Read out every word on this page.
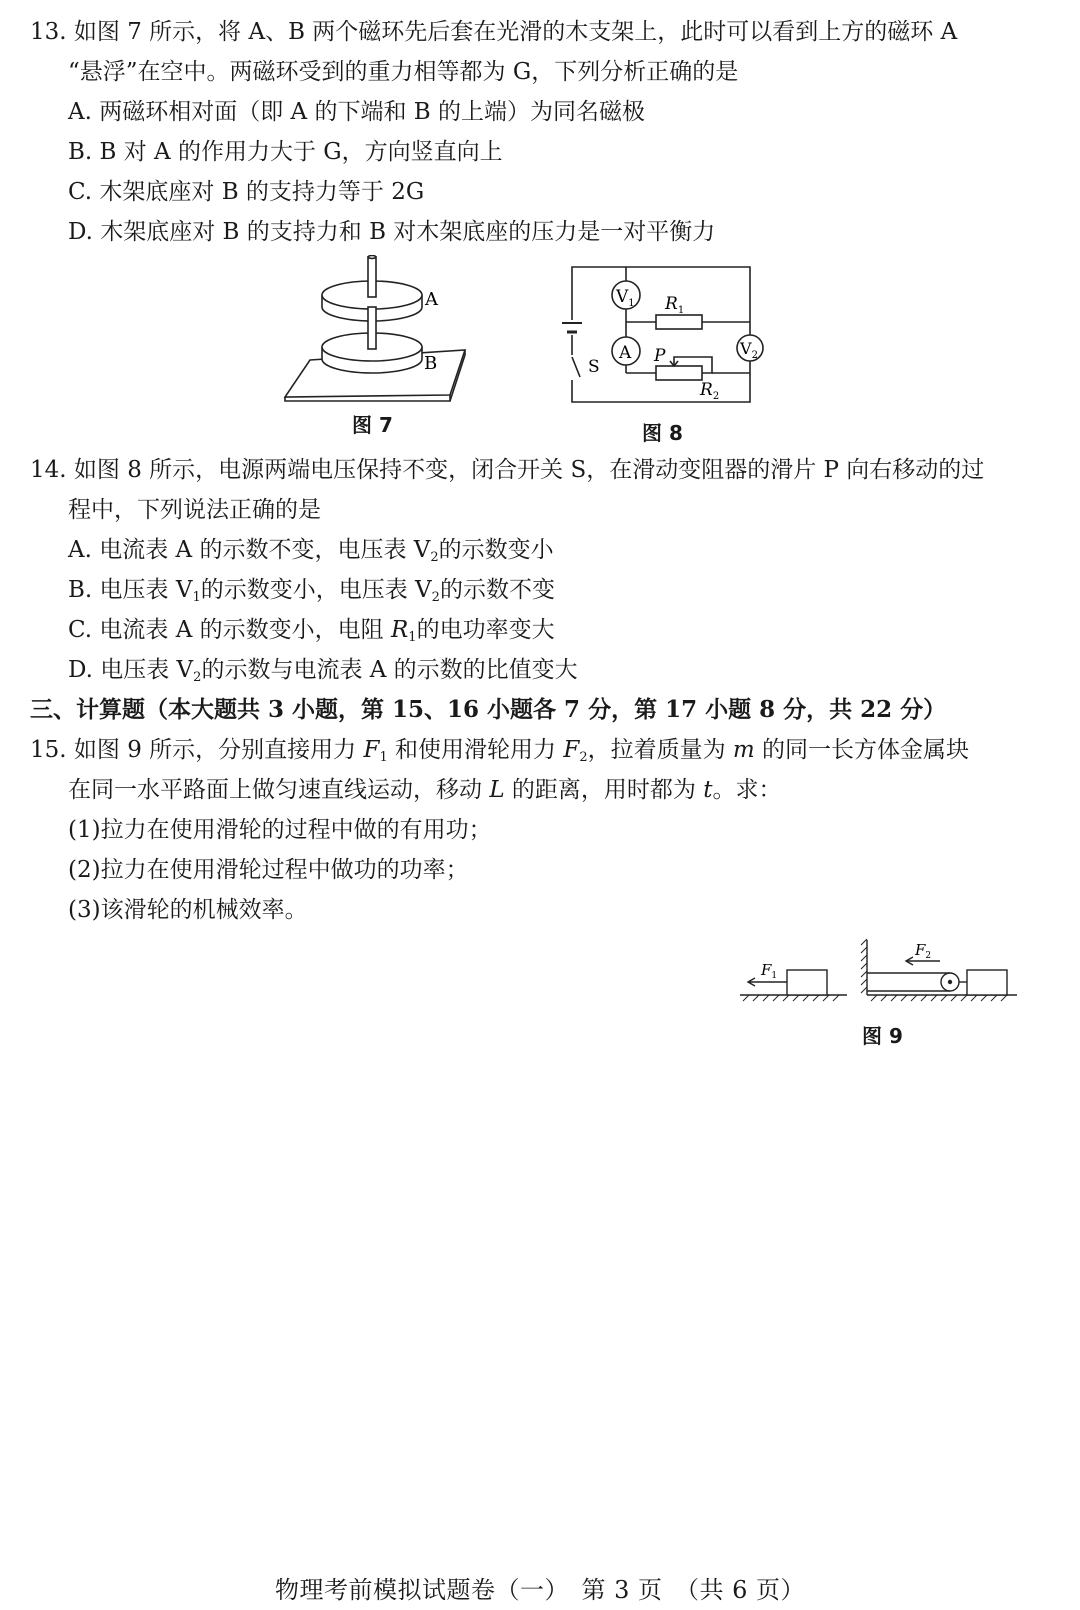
13. 如图 7 所示，将 A、B 两个磁环先后套在光滑的木支架上，此时可以看到上方的磁环 A
“悬浮”在空中。两磁环受到的重力相等都为 G，下列分析正确的是
A. 两磁环相对面（即 A 的下端和 B 的上端）为同名磁极
B. B 对 A 的作用力大于 G，方向竖直向上
C. 木架底座对 B 的支持力等于 2G
D. 木架底座对 B 的支持力和 B 对木架底座的压力是一对平衡力
A
B
图 7
$V_1$
A	$V_2$
$R_1$
$R_2$
P
S
图 8
14. 如图 8 所示，电源两端电压保持不变，闭合开关 S，在滑动变阻器的滑片 P 向右移动的过
程中，下列说法正确的是
A. 电流表 A 的示数不变，电压表 $V_2$的示数变小
B. 电压表 $V_1$的示数变小，电压表 $V_2$的示数不变
C. 电流表 A 的示数变小，电阻 $R_1$的电功率变大
D. 电压表 $V_2$的示数与电流表 A 的示数的比值变大
三、计算题（本大题共 3 小题，第 15、16 小题各 7 分，第 17 小题 8 分，共 22 分）
15. 如图 9 所示，分别直接用力 $F_1$ 和使用滑轮用力 $F_2$，拉着质量为 m 的同一长方体金属块
在同一水平路面上做匀速直线运动，移动 L 的距离，用时都为 t。求：
(1)拉力在使用滑轮的过程中做的有用功；
(2)拉力在使用滑轮过程中做功的功率；
(3)该滑轮的机械效率。
$F_1$
$F_2$
图 9
物理考前模拟试题卷（一）　第 3 页　（共 6 页）
